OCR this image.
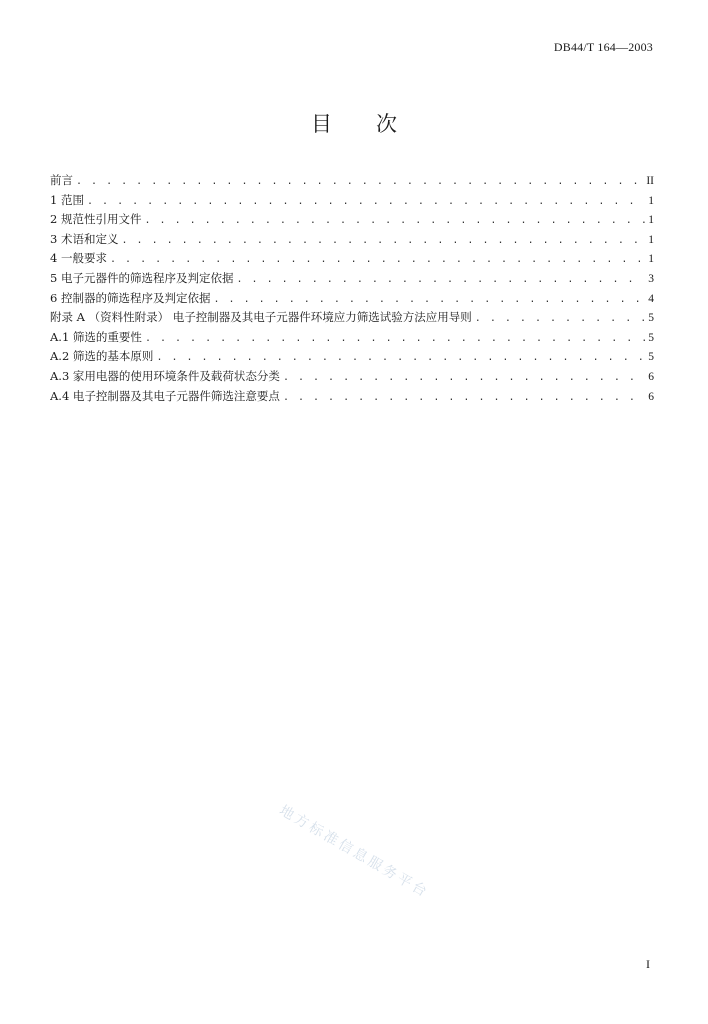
DB44/T 164—2003
目 次
前言 . . .	II
1 范围 . . .	1
2 规范性引用文件 . . .	1
3 术语和定义 . . .	1
4 一般要求 . . .	1
5 电子元器件的筛选程序及判定依据 . . .	3
6 控制器的筛选程序及判定依据 . . .	4
附录 A （资料性附录） 电子控制器及其电子元器件环境应力筛选试验方法应用导则 . . .	5
A.1 筛选的重要性 . . .	5
A.2 筛选的基本原则 . . .	5
A.3 家用电器的使用环境条件及载荷状态分类 . . .	6
A.4 电子控制器及其电子元器件筛选注意要点 . . .	6
地方标准信息服务平台
I
